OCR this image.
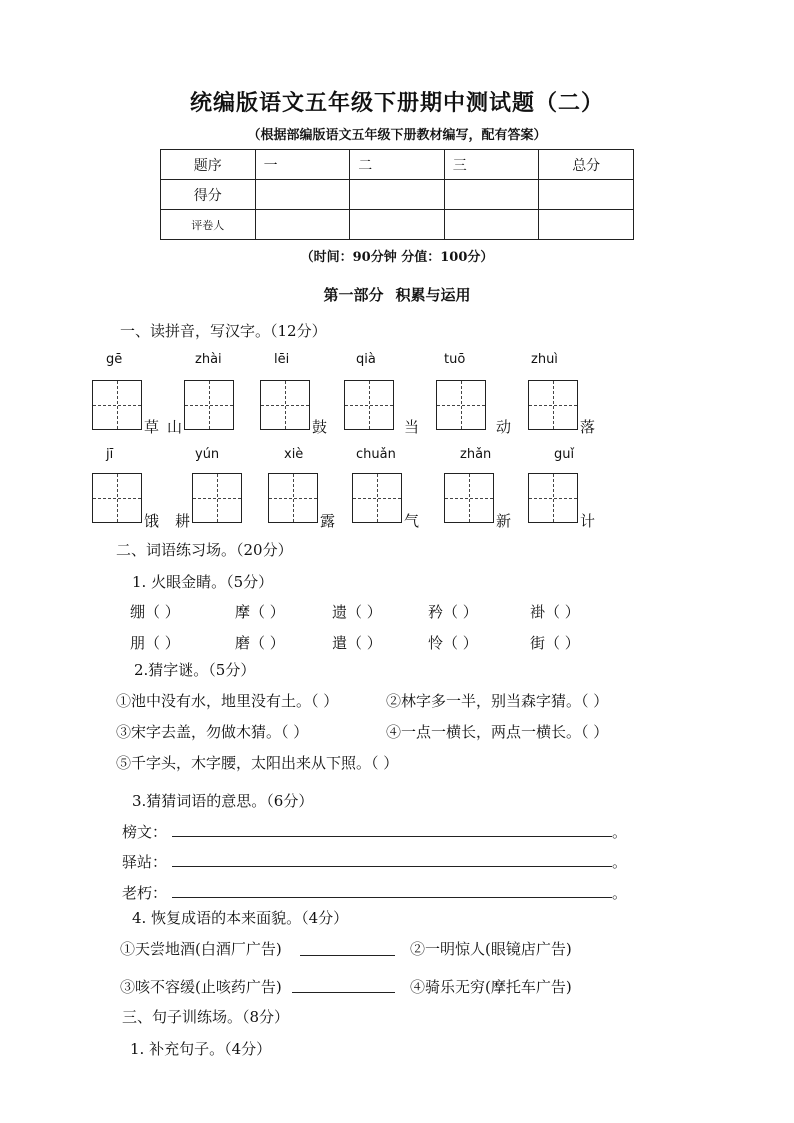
统编版语文五年级下册期中测试题（二）
（根据部编版语文五年级下册教材编写，配有答案）
题序	一	二	三	总分
得分				
评卷人				
（时间：90分钟 分值：100分）
第一部分 积累与运用
一、读拼音，写汉字。（12分）
gē	zhài	lēi	qià	tuō	zhuì
草 山	鼓	当	动	落
jī	yún	xiè	chuǎn	zhǎn	guǐ
饿 耕	露	气	新	计
二、词语练习场。（20分）
1. 火眼金睛。（5分）
绷（ ）	摩（ ）	遗（ ）	矜（ ）	褂（ ）
朋（ ）	磨（ ）	遣（ ）	怜（ ）	街（ ）
2.猜字谜。（5分）
①池中没有水，地里没有土。（ ）	②林字多一半，别当森字猜。（ ）
③宋字去盖，勿做木猜。（ ）	④一点一横长，两点一横长。（ ）
⑤千字头，木字腰，太阳出来从下照。（ ）
3.猜猜词语的意思。（6分）
榜文：	。
驿站：	。
老朽：	。
4. 恢复成语的本来面貌。（4分）
①天尝地酒(白酒厂广告)	②一明惊人(眼镜店广告)
③咳不容缓(止咳药广告)	④骑乐无穷(摩托车广告)
三、句子训练场。（8分）
1. 补充句子。（4分）
